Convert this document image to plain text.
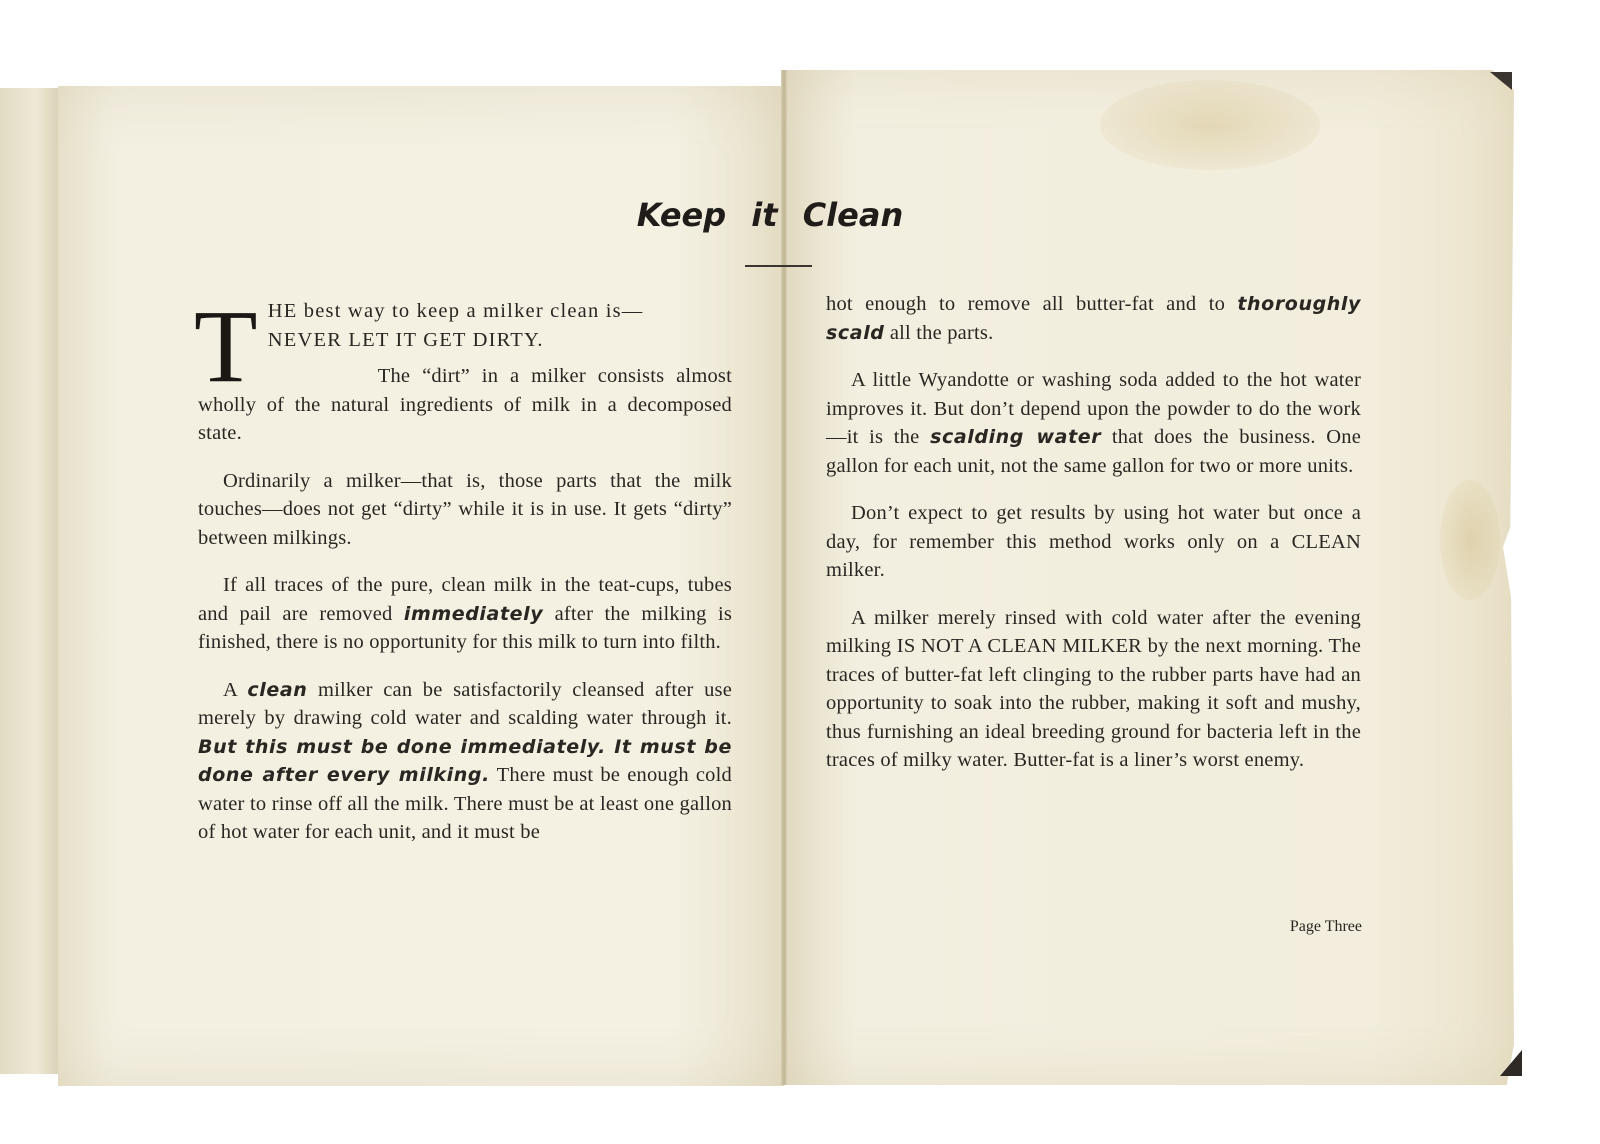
Keep it Clean

T HE best way to keep a milker clean is—
NEVER LET IT GET DIRTY.

The “dirt” in a milker consists almost wholly of the natural ingredients of milk in a decomposed state.

Ordinarily a milker—that is, those parts that the milk touches—does not get “dirty” while it is in use. It gets “dirty” between milkings.

If all traces of the pure, clean milk in the teat-cups, tubes and pail are removed immediately after the milking is finished, there is no opportunity for this milk to turn into filth.

A clean milker can be satisfactorily cleansed after use merely by drawing cold water and scalding water through it. But this must be done immediately. It must be done after every milking. There must be enough cold water to rinse off all the milk. There must be at least one gallon of hot water for each unit, and it must be

hot enough to remove all butter-fat and to thoroughly scald all the parts.

A little Wyandotte or washing soda added to the hot water improves it. But don’t depend upon the powder to do the work—it is the scalding water that does the business. One gallon for each unit, not the same gallon for two or more units.

Don’t expect to get results by using hot water but once a day, for remember this method works only on a CLEAN milker.

A milker merely rinsed with cold water after the evening milking IS NOT A CLEAN MILKER by the next morning. The traces of butter-fat left clinging to the rubber parts have had an opportunity to soak into the rubber, making it soft and mushy, thus furnishing an ideal breeding ground for bacteria left in the traces of milky water. Butter-fat is a liner’s worst enemy.

Page Three
